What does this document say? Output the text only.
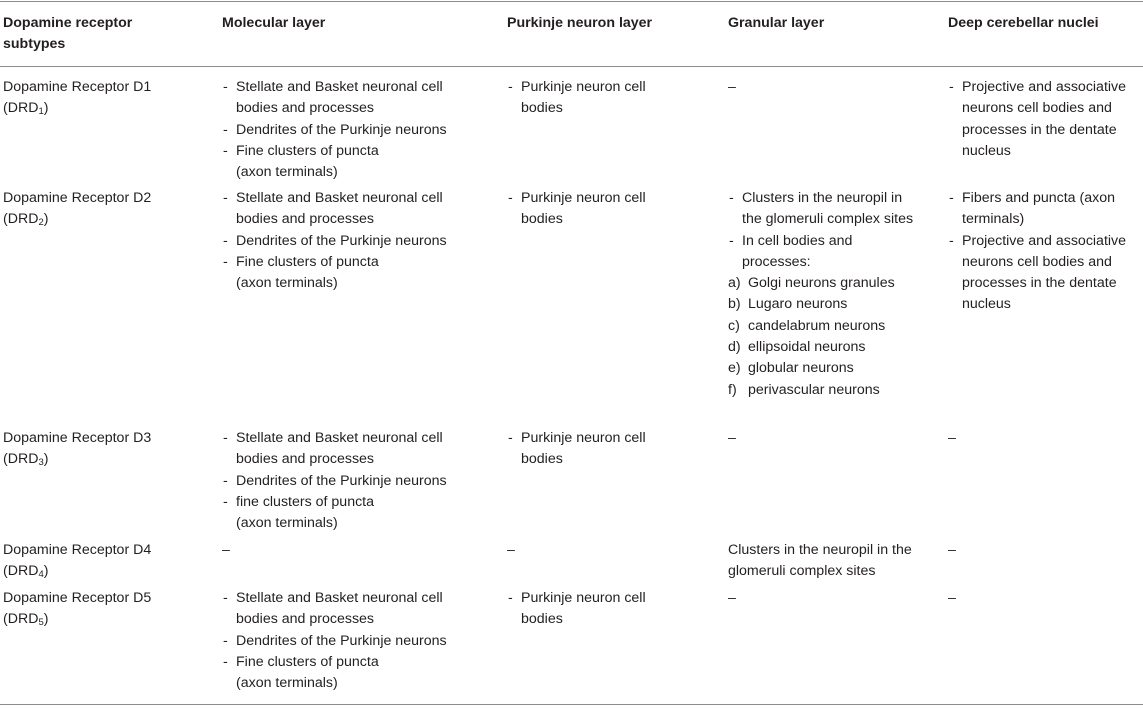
Dopamine receptor subtypes
Molecular layer	Purkinje neuron layer	Granular layer	Deep cerebellar nuclei
Dopamine Receptor D1
$(DRD_1)$
- Stellate and Basket neuronal cell bodies and processes
- Dendrites of the Purkinje neurons
- Fine clusters of puncta (axon terminals)
- Purkinje neuron cell bodies
–
-	Projective and associative neurons cell bodies and processes in the dentate nucleus
Dopamine Receptor D2
$(DRD_2)$
- Stellate and Basket neuronal cell bodies and processes
- Dendrites of the Purkinje neurons
- Fine clusters of puncta (axon terminals)
- Purkinje neuron cell bodies
- Clusters in the neuropil in the glomeruli complex sites
- In cell bodies and processes:
a) Golgi neurons granules
b) Lugaro neurons
c) candelabrum neurons
d) ellipsoidal neurons
e) globular neurons
f) perivascular neurons
- Fibers and puncta (axon terminals)
- Projective and associative neurons cell bodies and processes in the dentate nucleus
Dopamine Receptor D3
$(DRD_3)$
- Stellate and Basket neuronal cell bodies and processes
- Dendrites of the Purkinje neurons
- fine clusters of puncta (axon terminals)
- Purkinje neuron cell bodies
–	–
Dopamine Receptor D4
$(DRD_4)$
–	–	Clusters in the neuropil in the glomeruli complex sites
–
Dopamine Receptor D5
$(DRD_5)$
- Stellate and Basket neuronal cell bodies and processes
- Dendrites of the Purkinje neurons
- Fine clusters of puncta (axon terminals)
- Purkinje neuron cell bodies
–	–
